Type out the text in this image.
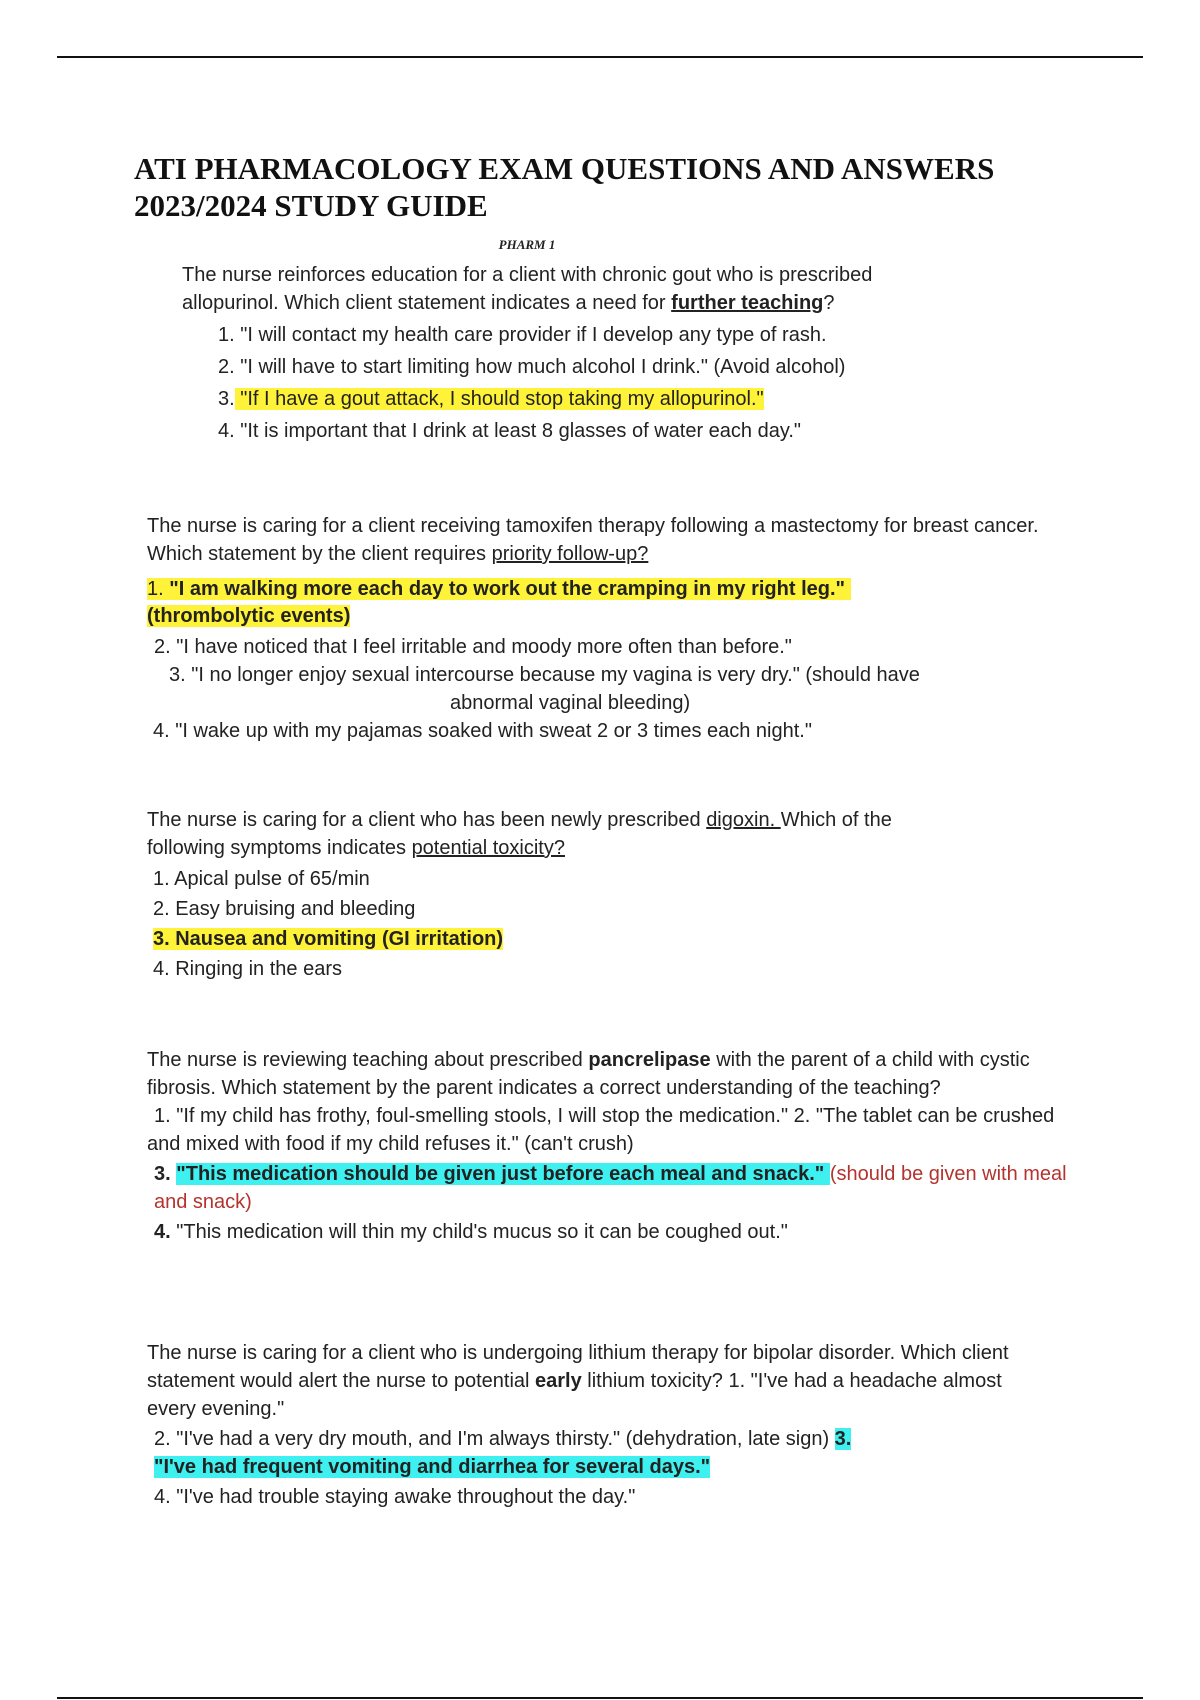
ATI PHARMACOLOGY EXAM QUESTIONS AND ANSWERS 2023/2024 STUDY GUIDE
PHARM 1

The nurse reinforces education for a client with chronic gout who is prescribed allopurinol. Which client statement indicates a need for further teaching?

1. "I will contact my health care provider if I develop any type of rash.

2. "I will have to start limiting how much alcohol I drink." (Avoid alcohol)

3. "If I have a gout attack, I should stop taking my allopurinol."

4. "It is important that I drink at least 8 glasses of water each day."

The nurse is caring for a client receiving tamoxifen therapy following a mastectomy for breast cancer. Which statement by the client requires priority follow-up?

1. "I am walking more each day to work out the cramping in my right leg."
(thrombolytic events)

2. "I have noticed that I feel irritable and moody more often than before."

3. "I no longer enjoy sexual intercourse because my vagina is very dry." (should have

abnormal vaginal bleeding)

4. "I wake up with my pajamas soaked with sweat 2 or 3 times each night."

The nurse is caring for a client who has been newly prescribed digoxin. Which of the following symptoms indicates potential toxicity?

1. Apical pulse of 65/min

2. Easy bruising and bleeding

3. Nausea and vomiting (GI irritation)

4. Ringing in the ears

The nurse is reviewing teaching about prescribed pancrelipase with the parent of a child with cystic fibrosis. Which statement by the parent indicates a correct understanding of the teaching?

1. "If my child has frothy, foul-smelling stools, I will stop the medication." 2. "The tablet can be crushed and mixed with food if my child refuses it." (can't crush)

3. "This medication should be given just before each meal and snack." (should be given with meal and snack)

4. "This medication will thin my child's mucus so it can be coughed out."

The nurse is caring for a client who is undergoing lithium therapy for bipolar disorder. Which client statement would alert the nurse to potential early lithium toxicity? 1. "I've had a headache almost every evening."

2. "I've had a very dry mouth, and I'm always thirsty." (dehydration, late sign) 3.
"I've had frequent vomiting and diarrhea for several days."

4. "I've had trouble staying awake throughout the day."
